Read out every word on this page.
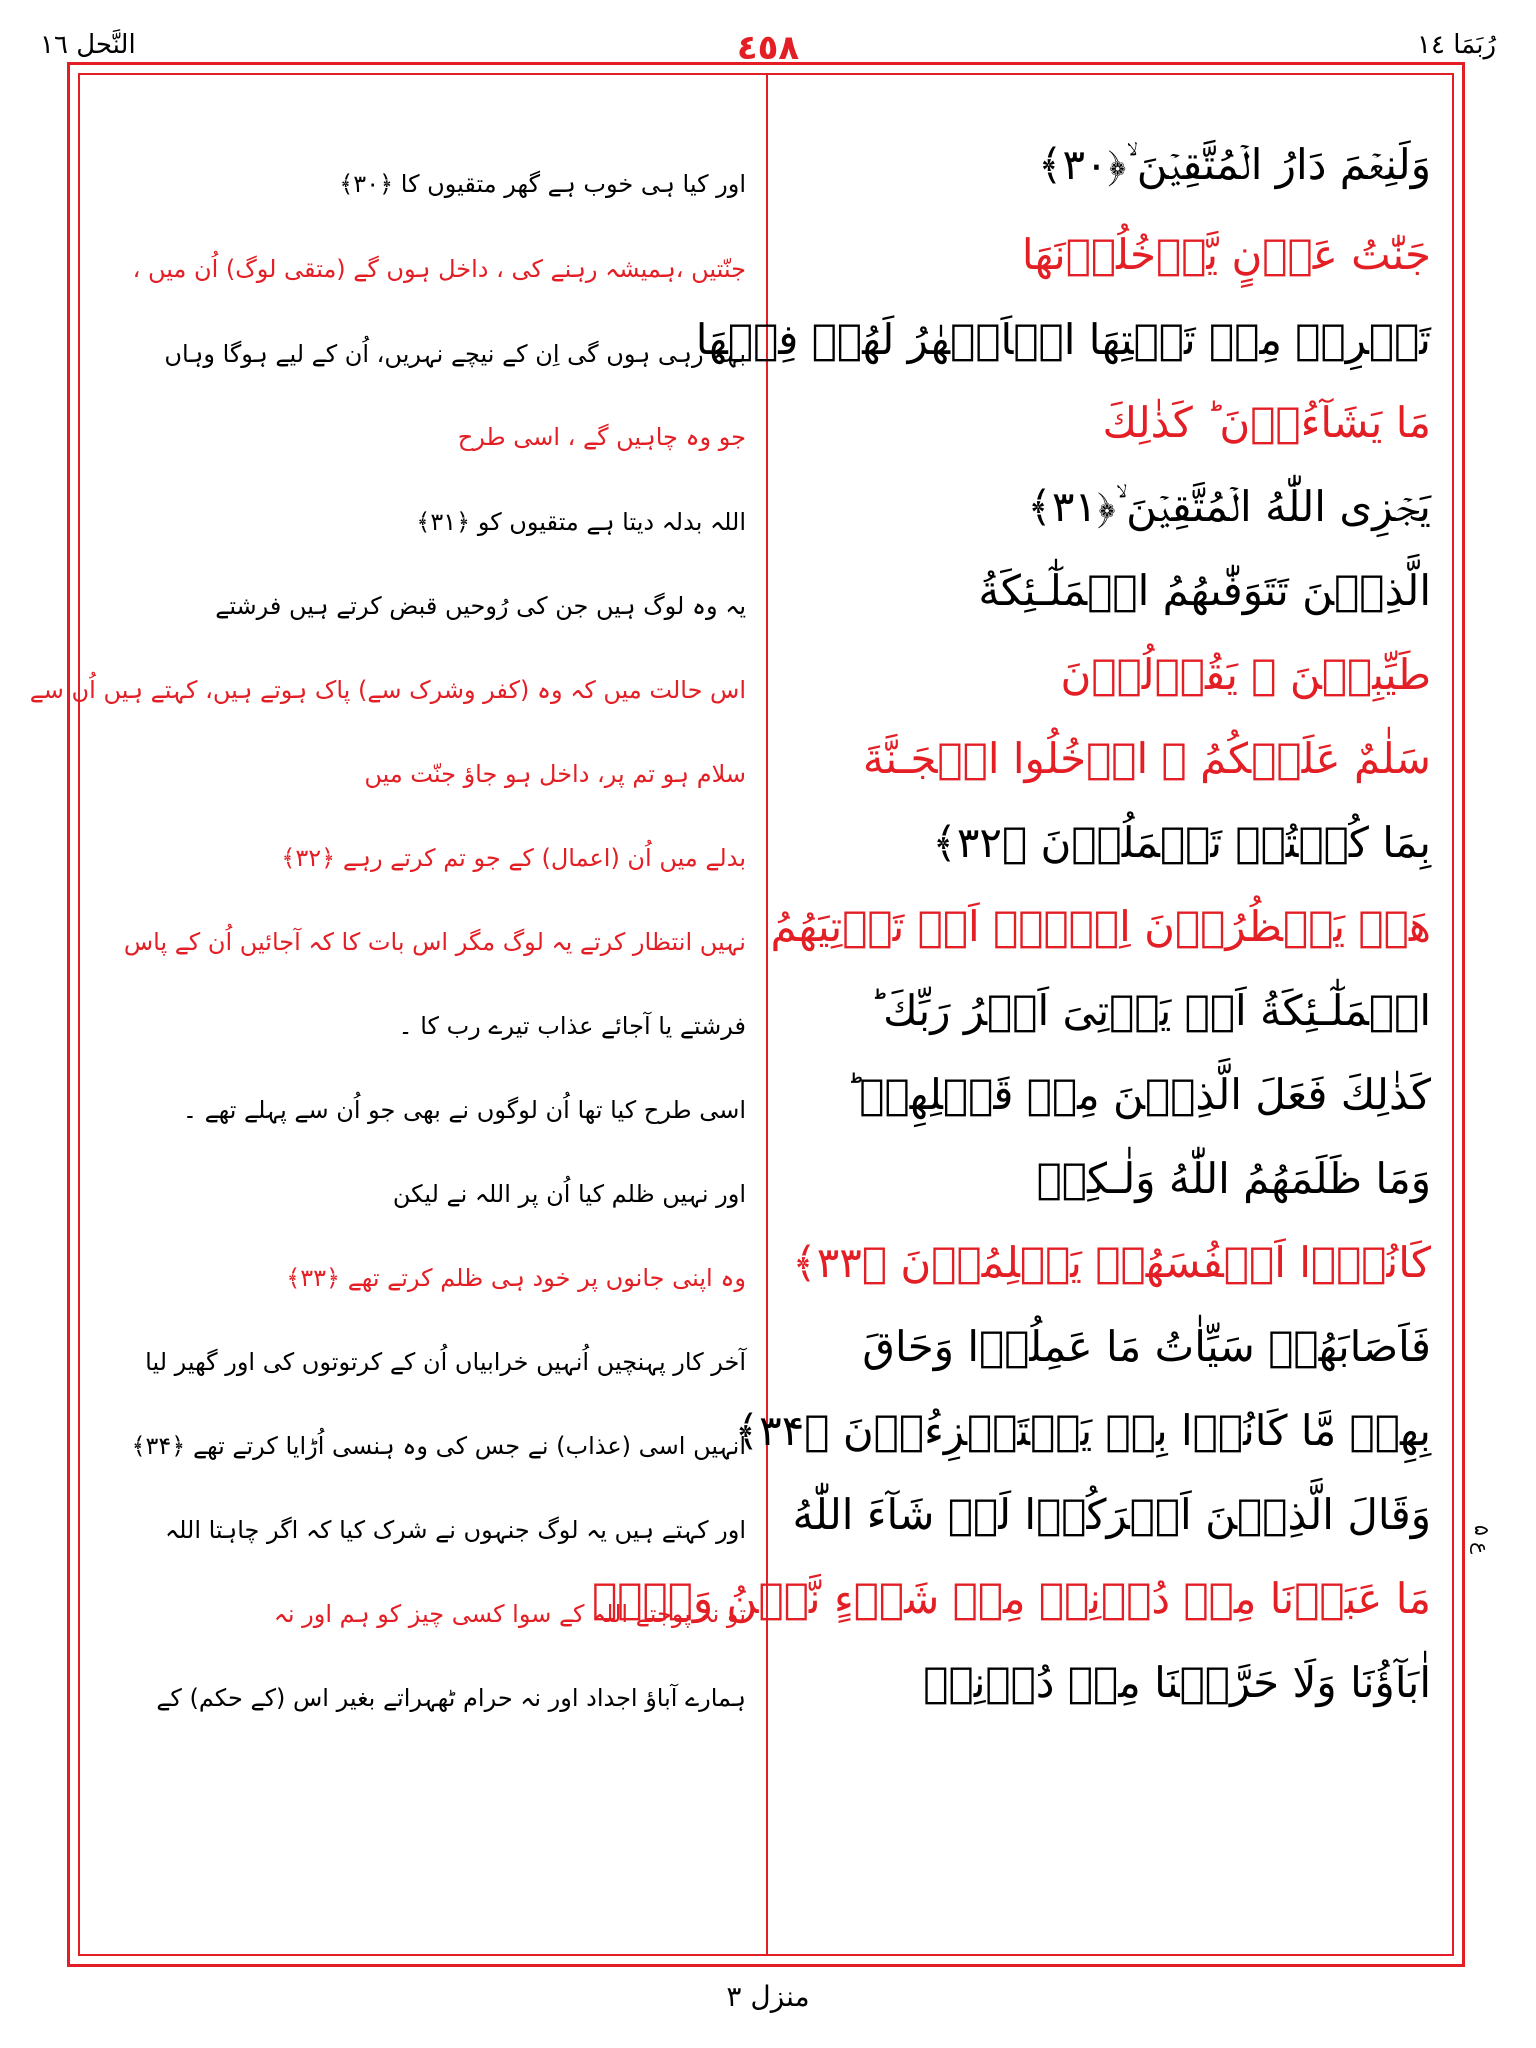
رُبَمَا ١٤
٤٥٨
النَّحل ١٦
وَلَنِعۡمَ دَارُ الۡمُتَّقِيۡنَ ۙ﴿۳۰﴾
اور کیا ہی خوب ہے گھر متقیوں کا ﴿۳۰﴾
جَنّٰتُ عَدۡنٍ يَّدۡخُلُوۡنَهَا
جنّتیں ،ہمیشہ رہنے کی ، داخل ہوں گے (متقی لوگ) اُن میں ،
تَجۡرِىۡ مِنۡ تَحۡتِهَا الۡاَنۡهٰرُ لَهُمۡ فِيۡهَا
بہہ رہی ہوں گی اِن کے نیچے نہریں، اُن کے لیے ہوگا وہاں
مَا يَشَآءُوۡنَ ؕ كَذٰلِكَ
جو وہ چاہیں گے ، اسی طرح
يَجۡزِى اللّٰهُ الۡمُتَّقِيۡنَ ۙ﴿۳۱﴾
اللہ بدلہ دیتا ہے متقیوں کو ﴿۳۱﴾
الَّذِيۡنَ تَتَوَفّٰٮهُمُ الۡمَلٰٓـئِكَةُ
یہ وہ لوگ ہیں جن کی رُوحیں قبض کرتے ہیں فرشتے
طَيِّبِيۡنَ ۙ يَقُوۡلُوۡنَ
اس حالت میں کہ وہ (کفر وشرک سے) پاک ہوتے ہیں، کہتے ہیں اُن سے
سَلٰمٌ عَلَيۡكُمُ ۙ ادۡخُلُوا الۡجَـنَّةَ
سلام ہو تم پر، داخل ہو جاؤ جنّت میں
بِمَا كُنۡتُمۡ تَعۡمَلُوۡنَ ﴿۳۲﴾
بدلے میں اُن (اعمال) کے جو تم کرتے رہے ﴿۳۲﴾
هَلۡ يَنۡظُرُوۡنَ اِلَّاۤ اَنۡ تَاۡتِيَهُمُ
نہیں انتظار کرتے یہ لوگ مگر اس بات کا کہ آجائیں اُن کے پاس
الۡمَلٰٓـئِكَةُ اَوۡ يَاۡتِىَ اَمۡرُ رَبِّكَ ؕ
فرشتے یا آجائے عذاب تیرے رب کا ۔
كَذٰلِكَ فَعَلَ الَّذِيۡنَ مِنۡ قَبۡلِهِمۡ ؕ
اسی طرح کیا تھا اُن لوگوں نے بھی جو اُن سے پہلے تھے ۔
وَمَا ظَلَمَهُمُ اللّٰهُ وَلٰـكِنۡ
اور نہیں ظلم کیا اُن پر اللہ نے لیکن
كَانُوۡۤا اَنۡفُسَهُمۡ يَظۡلِمُوۡنَ ﴿۳۳﴾
وہ اپنی جانوں پر خود ہی ظلم کرتے تھے ﴿۳۳﴾
فَاَصَابَهُمۡ سَيِّاٰتُ مَا عَمِلُوۡا وَحَاقَ
آخر کار پہنچیں اُنہیں خرابیاں اُن کے کرتوتوں کی اور گھیر لیا
بِهِمۡ مَّا كَانُوۡا بِهٖ يَسۡتَهۡزِءُوۡنَ ﴿۳۴﴾
انہیں اسی (عذاب) نے جس کی وہ ہنسی اُڑایا کرتے تھے ﴿۳۴﴾
وَقَالَ الَّذِيۡنَ اَشۡرَكُوۡا لَوۡ شَآءَ اللّٰهُ
اور کہتے ہیں یہ لوگ جنہوں نے شرک کیا کہ اگر چاہتا اللہ
مَا عَبَدۡنَا مِنۡ دُوۡنِهٖ مِنۡ شَىۡءٍ نَّحۡنُ وَلَاۤ
تو نہ پوجتے اللہ کے سوا کسی چیز کو ہم اور نہ
اٰبَآؤُنَا وَلَا حَرَّمۡنَا مِنۡ دُوۡنِهٖ
ہمارے آباؤ اجداد اور نہ حرام ٹھہراتے بغیر اس (کے حکم) کے
ع ۵
منزل ۳
